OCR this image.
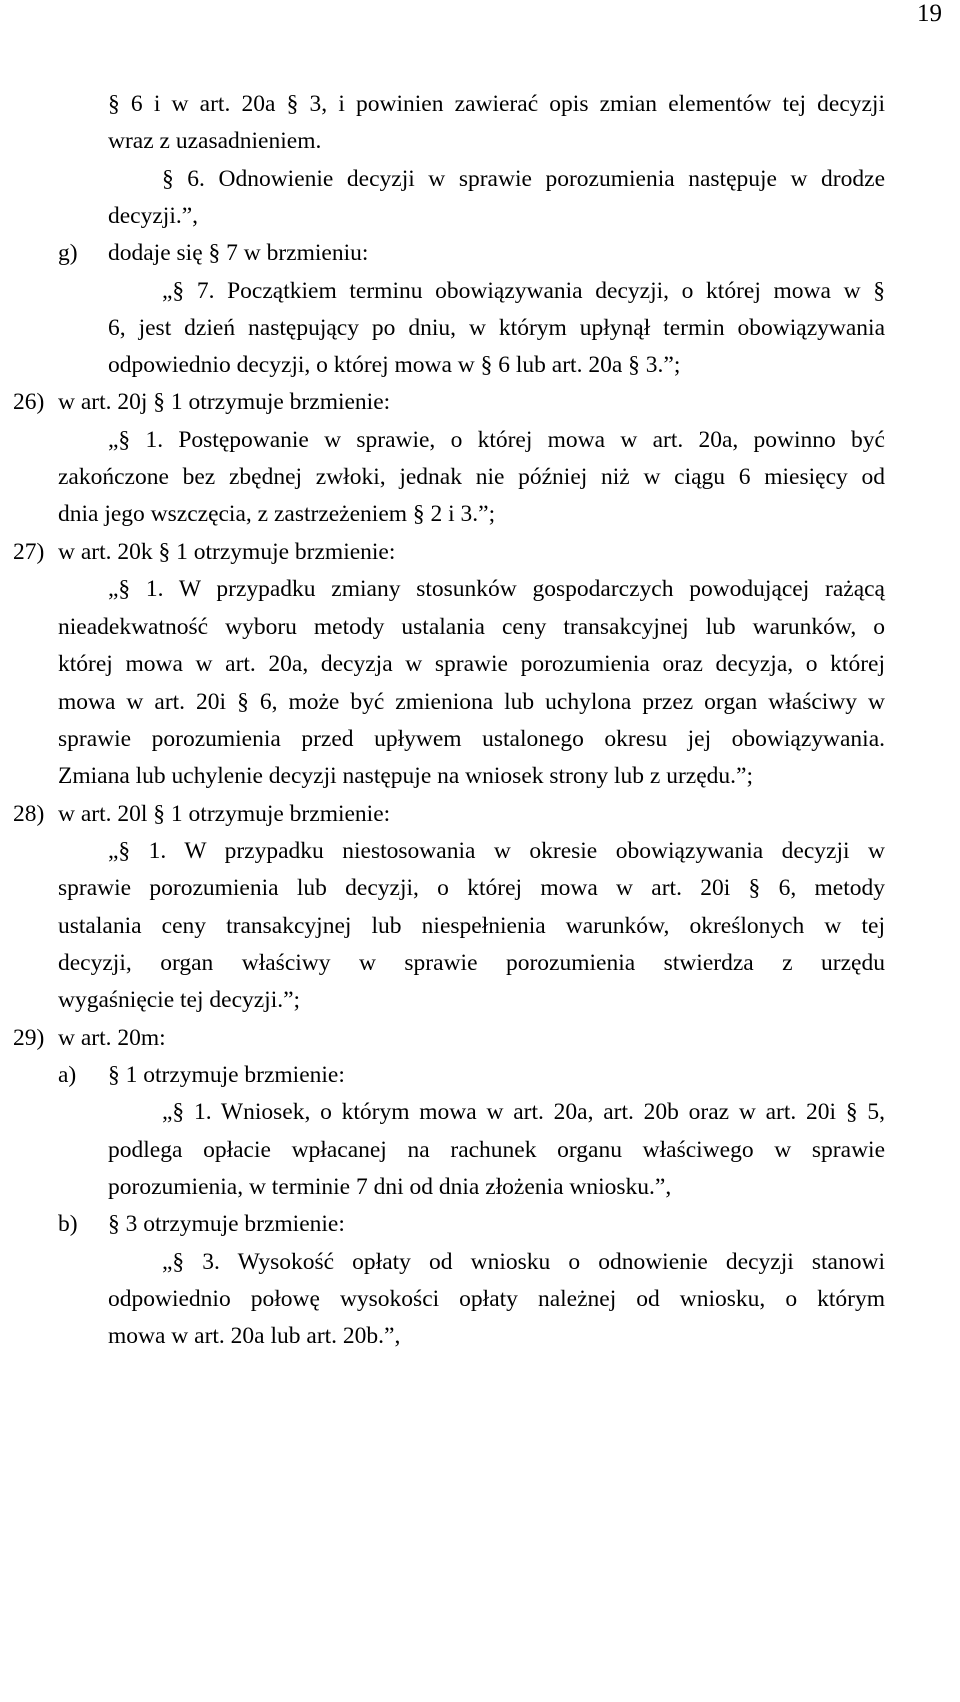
19
§ 6 i w art. 20a § 3, i powinien zawierać opis zmian elementów tej decyzji
wraz z uzasadnieniem.
§ 6. Odnowienie decyzji w sprawie porozumienia następuje w drodze
decyzji.”,
g) dodaje się § 7 w brzmieniu:
„§ 7. Początkiem terminu obowiązywania decyzji, o której mowa w §
6, jest dzień następujący po dniu, w którym upłynął termin obowiązywania
odpowiednio decyzji, o której mowa w § 6 lub art. 20a § 3.”;
26) w art. 20j § 1 otrzymuje brzmienie:
„§ 1. Postępowanie w sprawie, o której mowa w art. 20a, powinno być
zakończone bez zbędnej zwłoki, jednak nie później niż w ciągu 6 miesięcy od
dnia jego wszczęcia, z zastrzeżeniem § 2 i 3.”;
27) w art. 20k § 1 otrzymuje brzmienie:
„§ 1. W przypadku zmiany stosunków gospodarczych powodującej rażącą
nieadekwatność wyboru metody ustalania ceny transakcyjnej lub warunków, o
której mowa w art. 20a, decyzja w sprawie porozumienia oraz decyzja, o której
mowa w art. 20i § 6, może być zmieniona lub uchylona przez organ właściwy w
sprawie porozumienia przed upływem ustalonego okresu jej obowiązywania.
Zmiana lub uchylenie decyzji następuje na wniosek strony lub z urzędu.”;
28) w art. 20l § 1 otrzymuje brzmienie:
„§ 1. W przypadku niestosowania w okresie obowiązywania decyzji w
sprawie porozumienia lub decyzji, o której mowa w art. 20i § 6, metody
ustalania ceny transakcyjnej lub niespełnienia warunków, określonych w tej
decyzji, organ właściwy w sprawie porozumienia stwierdza z urzędu
wygaśnięcie tej decyzji.”;
29) w art. 20m:
a) § 1 otrzymuje brzmienie:
„§ 1. Wniosek, o którym mowa w art. 20a, art. 20b oraz w art. 20i § 5,
podlega opłacie wpłacanej na rachunek organu właściwego w sprawie
porozumienia, w terminie 7 dni od dnia złożenia wniosku.”,
b) § 3 otrzymuje brzmienie:
„§ 3. Wysokość opłaty od wniosku o odnowienie decyzji stanowi
odpowiednio połowę wysokości opłaty należnej od wniosku, o którym
mowa w art. 20a lub art. 20b.”,
